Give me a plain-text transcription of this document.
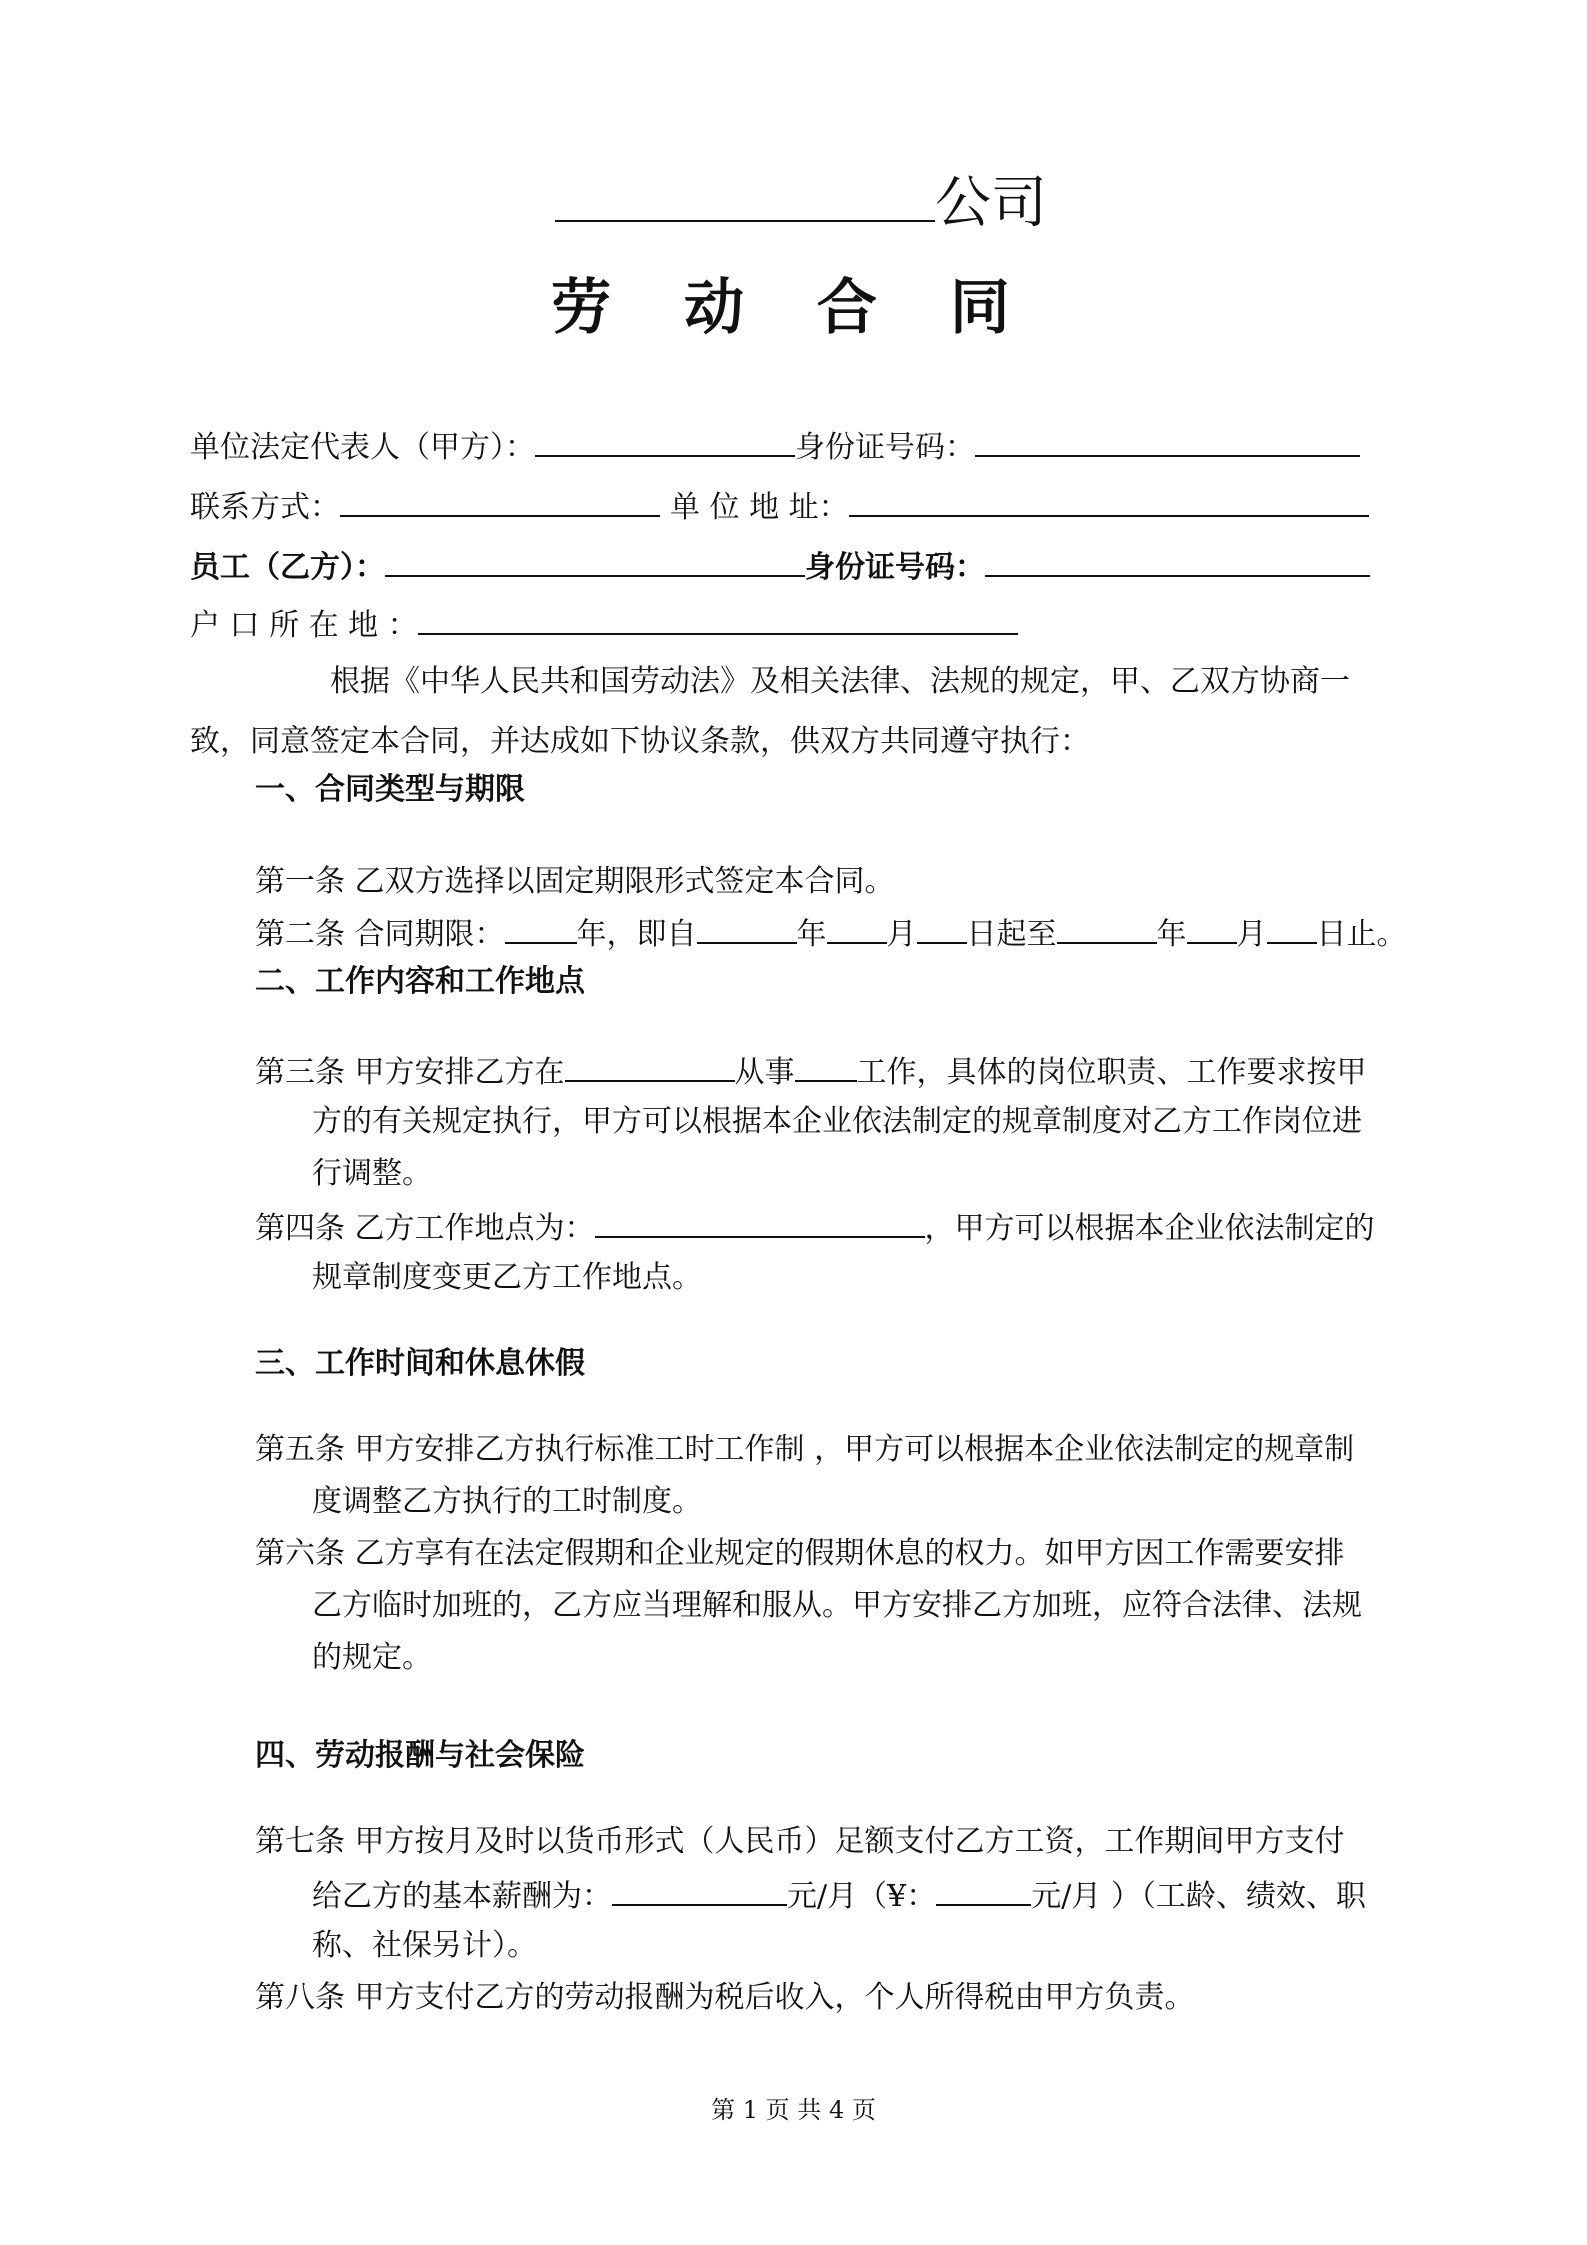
公司
劳 动 合 同
单位法定代表人（甲方）：	身份证号码：
联系方式：	单 位 地 址：
员工（乙方）：	身份证号码：
户 口 所 在 地 ：
根据《中华人民共和国劳动法》及相关法律、法规的规定，甲、乙双方协商一
致，同意签定本合同，并达成如下协议条款，供双方共同遵守执行：
一、合同类型与期限
第一条 乙双方选择以固定期限形式签定本合同。
第二条 合同期限： 年，即自	年 月 日起至	年 月 日止。
二、工作内容和工作地点
第三条 甲方安排乙方在	从事 工作，具体的岗位职责、工作要求按甲
方的有关规定执行，甲方可以根据本企业依法制定的规章制度对乙方工作岗位进
行调整。
第四条 乙方工作地点为：	，甲方可以根据本企业依法制定的
规章制度变更乙方工作地点。
三、工作时间和休息休假
第五条 甲方安排乙方执行标准工时工作制 ，甲方可以根据本企业依法制定的规章制
度调整乙方执行的工时制度。
第六条 乙方享有在法定假期和企业规定的假期休息的权力。如甲方因工作需要安排
乙方临时加班的，乙方应当理解和服从。甲方安排乙方加班，应符合法律、法规
的规定。
四、劳动报酬与社会保险
第七条 甲方按月及时以货币形式（人民币）足额支付乙方工资，工作期间甲方支付
给乙方的基本薪酬为：	元/月（¥：	元/月 ）（工龄、绩效、职
称、社保另计）。
第八条 甲方支付乙方的劳动报酬为税后收入，个人所得税由甲方负责。
第 1 页 共 4 页
